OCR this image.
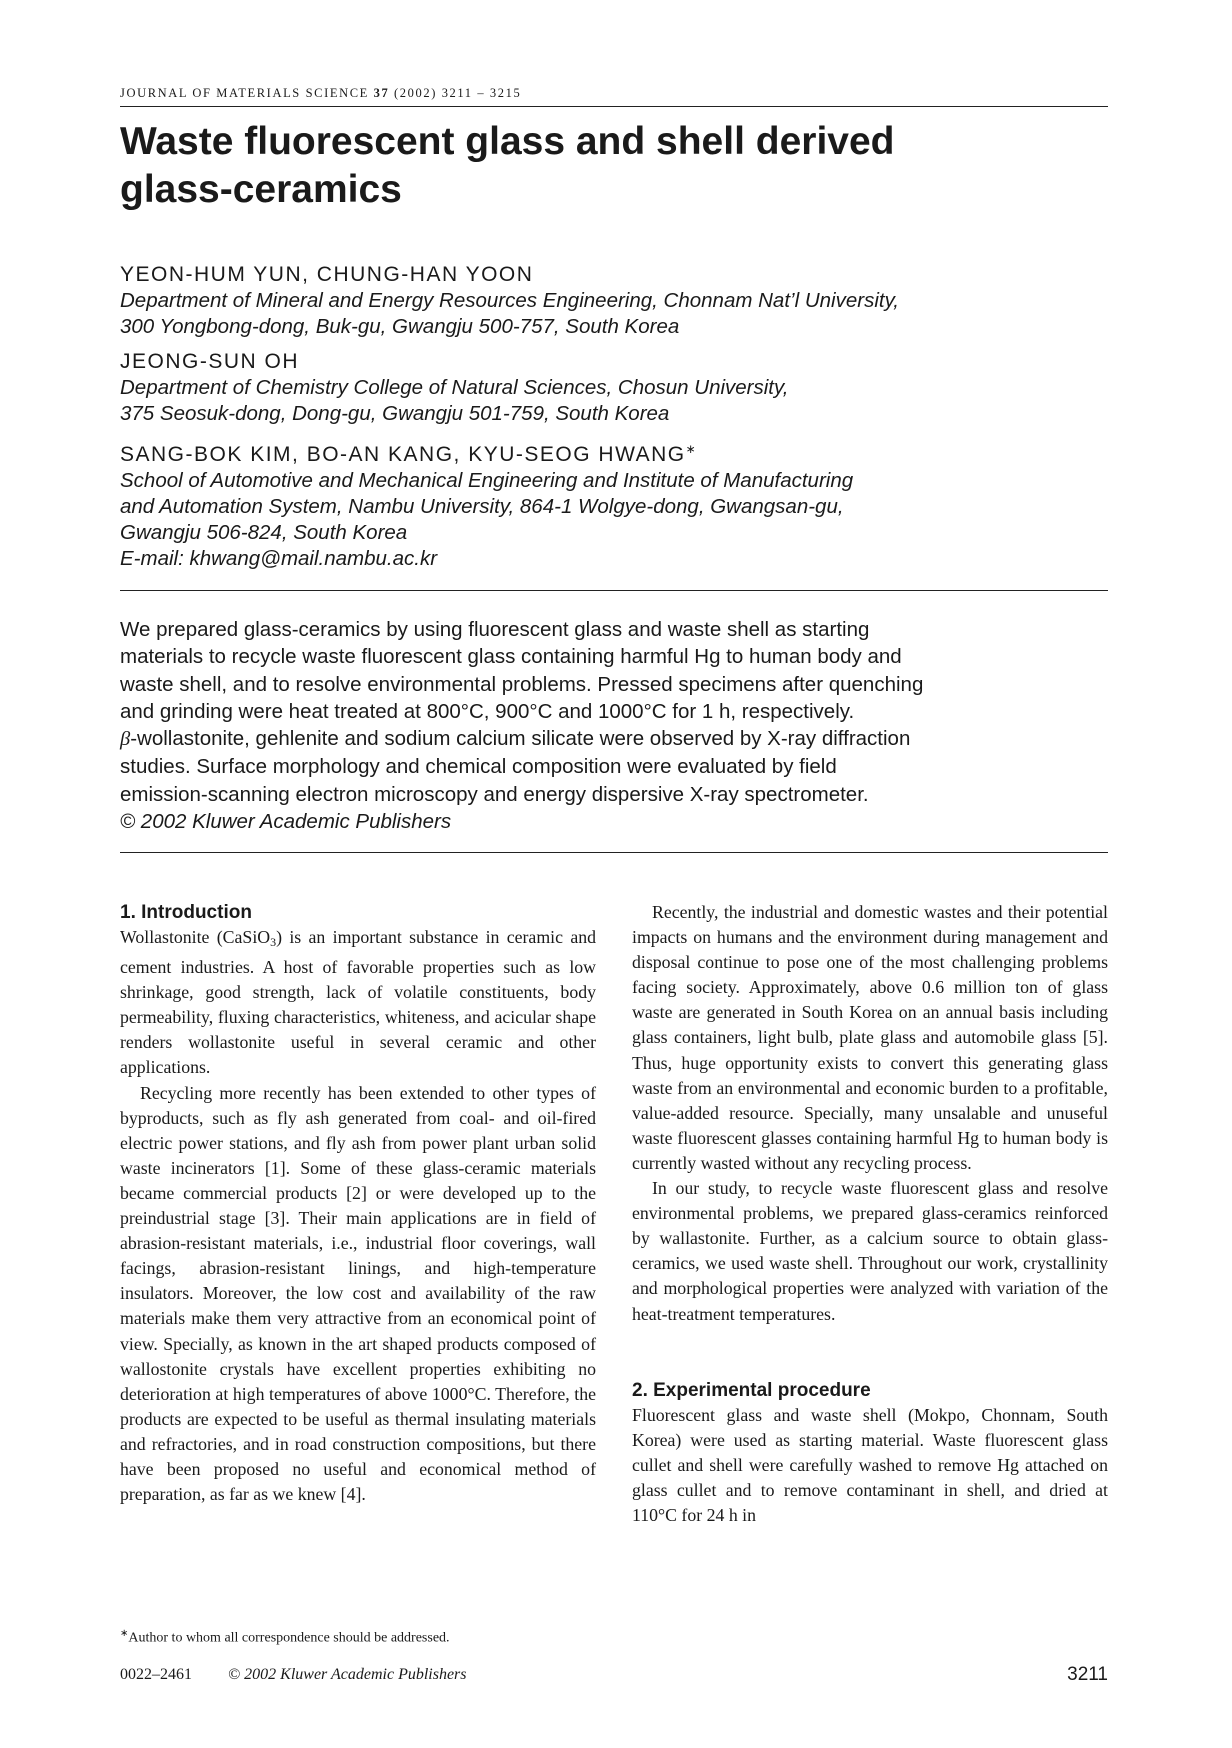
JOURNAL OF MATERIALS SCIENCE 37 (2002) 3211 – 3215
Waste fluorescent glass and shell derived
glass-ceramics
YEON-HUM YUN, CHUNG-HAN YOON
Department of Mineral and Energy Resources Engineering, Chonnam Nat’l University,
300 Yongbong-dong, Buk-gu, Gwangju 500-757, South Korea
JEONG-SUN OH
Department of Chemistry College of Natural Sciences, Chosun University,
375 Seosuk-dong, Dong-gu, Gwangju 501-759, South Korea
SANG-BOK KIM, BO-AN KANG, KYU-SEOG HWANG∗
School of Automotive and Mechanical Engineering and Institute of Manufacturing
and Automation System, Nambu University, 864-1 Wolgye-dong, Gwangsan-gu,
Gwangju 506-824, South Korea
E-mail: khwang@mail.nambu.ac.kr
We prepared glass-ceramics by using fluorescent glass and waste shell as starting
materials to recycle waste fluorescent glass containing harmful Hg to human body and
waste shell, and to resolve environmental problems. Pressed specimens after quenching
and grinding were heat treated at 800°C, 900°C and 1000°C for 1 h, respectively.
β-wollastonite, gehlenite and sodium calcium silicate were observed by X-ray diffraction
studies. Surface morphology and chemical composition were evaluated by field
emission-scanning electron microscopy and energy dispersive X-ray spectrometer.
© 2002 Kluwer Academic Publishers
1. Introduction

Wollastonite (CaSiO$_3$) is an important substance in ceramic and cement industries. A host of favorable properties such as low shrinkage, good strength, lack of volatile constituents, body permeability, fluxing characteristics, whiteness, and acicular shape renders wollastonite useful in several ceramic and other applications.

Recycling more recently has been extended to other types of byproducts, such as fly ash generated from coal- and oil-fired electric power stations, and fly ash from power plant urban solid waste incinerators [1]. Some of these glass-ceramic materials became commercial products [2] or were developed up to the preindustrial stage [3]. Their main applications are in field of abrasion-resistant materials, i.e., industrial floor coverings, wall facings, abrasion-resistant linings, and high-temperature insulators. Moreover, the low cost and availability of the raw materials make them very attractive from an economical point of view. Specially, as known in the art shaped products composed of wallostonite crystals have excellent properties exhibiting no deterioration at high temperatures of above 1000°C. Therefore, the products are expected to be useful as thermal insulating materials and refractories, and in road construction compositions, but there have been proposed no useful and economical method of preparation, as far as we knew [4].

Recently, the industrial and domestic wastes and their potential impacts on humans and the environment during management and disposal continue to pose one of the most challenging problems facing society. Approximately, above 0.6 million ton of glass waste are generated in South Korea on an annual basis including glass containers, light bulb, plate glass and automobile glass [5]. Thus, huge opportunity exists to convert this generating glass waste from an environmental and economic burden to a profitable, value-added resource. Specially, many unsalable and unuseful waste fluorescent glasses containing harmful Hg to human body is currently wasted without any recycling process.

In our study, to recycle waste fluorescent glass and resolve environmental problems, we prepared glass-ceramics reinforced by wallastonite. Further, as a calcium source to obtain glass-ceramics, we used waste shell. Throughout our work, crystallinity and morphological properties were analyzed with variation of the heat-treatment temperatures.

2. Experimental procedure

Fluorescent glass and waste shell (Mokpo, Chonnam, South Korea) were used as starting material. Waste fluorescent glass cullet and shell were carefully washed to remove Hg attached on glass cullet and to remove contaminant in shell, and dried at 110°C for 24 h in

∗Author to whom all correspondence should be addressed.
0022–2461 © 2002 Kluwer Academic Publishers	3211
